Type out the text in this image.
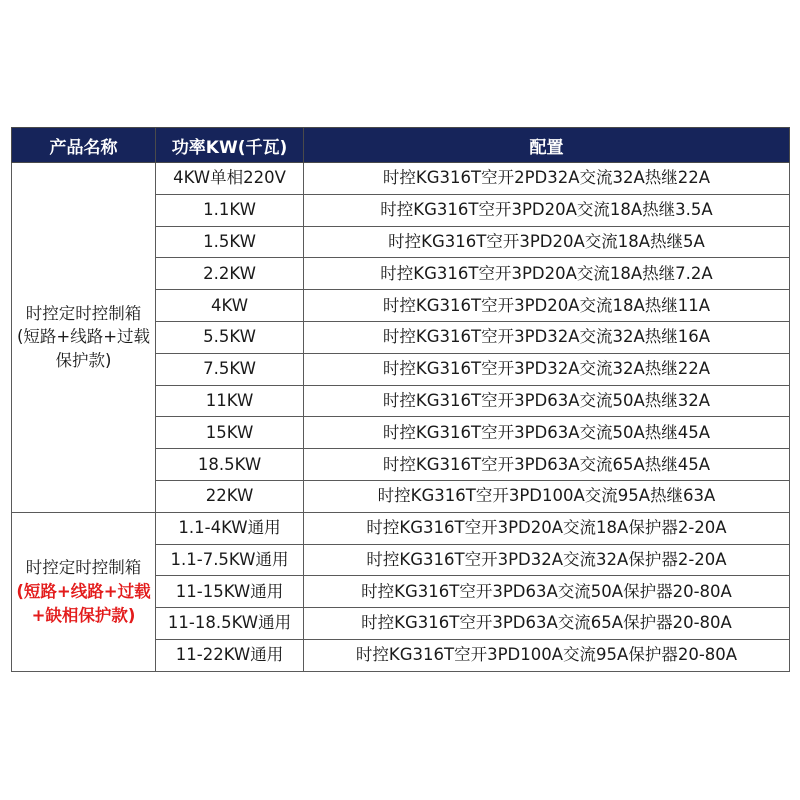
产品名称	功率KW(千瓦)	配置

时控定时控制箱
(短路+线路+过载保护款)	4KW单相220V	时控KG316T空开2PD32A交流32A热继22A
	1.1KW	时控KG316T空开3PD20A交流18A热继3.5A
	1.5KW	时控KG316T空开3PD20A交流18A热继5A
	2.2KW	时控KG316T空开3PD20A交流18A热继7.2A
	4KW	时控KG316T空开3PD20A交流18A热继11A
	5.5KW	时控KG316T空开3PD32A交流32A热继16A
	7.5KW	时控KG316T空开3PD32A交流32A热继22A
	11KW	时控KG316T空开3PD63A交流50A热继32A
	15KW	时控KG316T空开3PD63A交流50A热继45A
	18.5KW	时控KG316T空开3PD63A交流65A热继45A
	22KW	时控KG316T空开3PD100A交流95A热继63A

时控定时控制箱
(短路+线路+过载+缺相保护款)	1.1-4KW通用	时控KG316T空开3PD20A交流18A保护器2-20A
	1.1-7.5KW通用	时控KG316T空开3PD32A交流32A保护器2-20A
	11-15KW通用	时控KG316T空开3PD63A交流50A保护器20-80A
	11-18.5KW通用	时控KG316T空开3PD63A交流65A保护器20-80A
	11-22KW通用	时控KG316T空开3PD100A交流95A保护器20-80A
